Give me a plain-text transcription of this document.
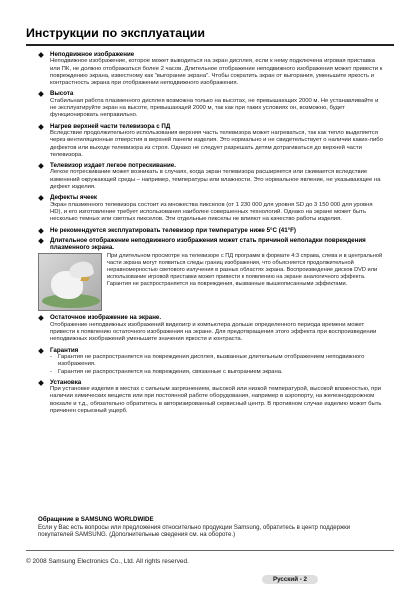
Инструкции по эксплуатации
Неподвижное изображение
Неподвижное изображение, которое может выводиться на экран дисплея, если к нему подключена игровая приставка или ПК, не должно отображаться более 2 часов. Длительное отображение неподвижного изображения может привести к повреждению экрана, известному как "выгорание экрана". Чтобы сократить экран от выгорания, уменьшите яркость и контрастность экрана при отображении неподвижного изображения.
Высота
Стабильная работа плазменного дисплея возможна только на высотах, не превышающих 2000 м. Не устанавливайте и не эксплуатируйте экран на высоте, превышающей 2000 м, так как при таких условиях он, возможно, будет функционировать неправильно.
Нагрев верхней части телевизора с ПД
Вследствие продолжительного использования верхняя часть телевизора может нагреваться, так как тепло выделяется через вентиляционные отверстия в верхней панели изделия. Это нормально и не свидетельствует о наличии каких-либо дефектов или выходе телевизора из строя. Однако не следует разрешать детям дотрагиваться до верхней части телевизора.
Телевизор издает легкое потрескивание.
Легкое потрескивание может возникать в случаях, когда экран телевизора расширяется или сжимается вследствие изменений окружающей среды – например, температуры или влажности. Это нормальное явление, не указывающее на дефект изделия.
Дефекты ячеек
Экран плазменного телевизора состоит из множества пикселов (от 1 230 000 для уровня SD до 3 150 000 для уровня HD), и его изготовление требует использования наиболее совершенных технологий. Однако на экране может быть несколько темных или светлых пикселов. Эти отдельные пикселы не влияют на качество работы изделия.
Не рекомендуется эксплуатировать телевизор при температуре ниже 5°C (41°F)
Длительное отображение неподвижного изображения может стать причиной неполадки повреждения плазменного экрана.
При длительном просмотре на телевизоре с ПД программ в формате 4:3 справа, слева и в центральной части экрана могут появиться следы границ изображения, что объясняется продолжительной неравномерностью светового излучения в разных областях экрана. Воспроизведение дисков DVD или использование игровой приставки может привести к появлению на экране аналогичного эффекта. Гарантия не распространяется на повреждения, вызванные вышеописанными эффектами.
Остаточное изображение на экране.
Отображение неподвижных изображений видеоигр и компьютера дольше определенного периода времени может привести к появлению остаточного изображения на экране. Для предотвращения этого эффекта при воспроизведении неподвижных изображений уменьшите значения яркости и контраста.
Гарантия
- Гарантия не распространяется на повреждения дисплея, вызванные длительным отображением неподвижного изображения.
- Гарантия не распространяется на повреждения, связанные с выгоранием экрана.
Установка
При установке изделия в местах с сильным загрязнением, высокой или низкой температурой, высокой влажностью, при наличии химических веществ или при постоянной работе оборудования, например в аэропорту, на железнодорожном вокзале и т.д., обязательно обратитесь в авторизированный сервисный центр. В противном случае изделию может быть причинен серьезный ущерб.
Обращение в SAMSUNG WORLDWIDE
Если у Вас есть вопросы или предложения относительно продукции Samsung, обратитесь в центр поддержки покупателей SAMSUNG. (Дополнительные сведения см. на обороте.)
© 2008 Samsung Electronics Co., Ltd. All rights reserved.
Русский - 2
